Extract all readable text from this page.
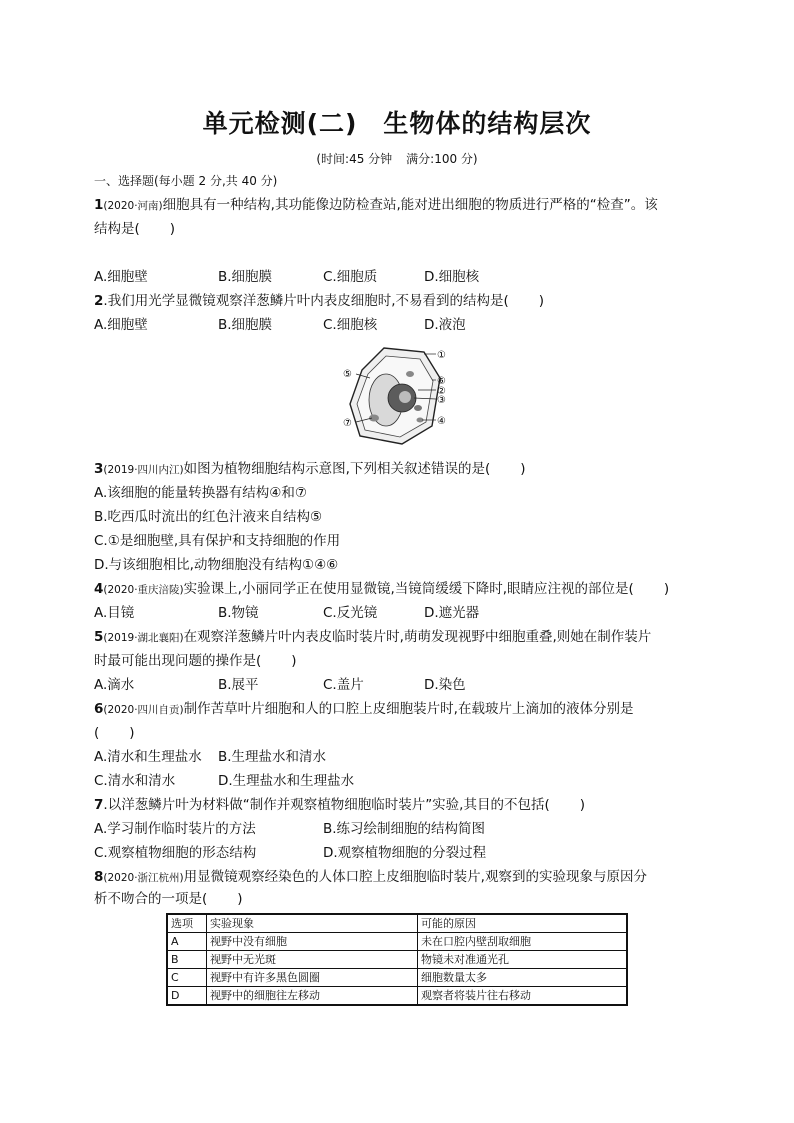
单元检测(二) 生物体的结构层次
(时间:45 分钟 满分:100 分)
一、选择题(每小题 2 分,共 40 分)
1(2020·河南)细胞具有一种结构,其功能像边防检查站,能对进出细胞的物质进行严格的“检查”。该
结构是( )
A.细胞壁	B.细胞膜	C.细胞质	D.细胞核
2.我们用光学显微镜观察洋葱鳞片叶内表皮细胞时,不易看到的结构是( )
A.细胞壁	B.细胞膜	C.细胞核	D.液泡
①
⑥
②
③
④
⑤
⑦
3(2019·四川内江)如图为植物细胞结构示意图,下列相关叙述错误的是( )
A.该细胞的能量转换器有结构④和⑦
B.吃西瓜时流出的红色汁液来自结构⑤
C.①是细胞壁,具有保护和支持细胞的作用
D.与该细胞相比,动物细胞没有结构①④⑥
4(2020·重庆涪陵)实验课上,小丽同学正在使用显微镜,当镜筒缓缓下降时,眼睛应注视的部位是( )
A.目镜	B.物镜	C.反光镜	D.遮光器
5(2019·湖北襄阳)在观察洋葱鳞片叶内表皮临时装片时,萌萌发现视野中细胞重叠,则她在制作装片
时最可能出现问题的操作是( )
A.滴水	B.展平	C.盖片	D.染色
6(2020·四川自贡)制作苦草叶片细胞和人的口腔上皮细胞装片时,在载玻片上滴加的液体分别是
( )
A.清水和生理盐水 B.生理盐水和清水
C.清水和清水	D.生理盐水和生理盐水
7.以洋葱鳞片叶为材料做“制作并观察植物细胞临时装片”实验,其目的不包括( )
A.学习制作临时装片的方法	B.练习绘制细胞的结构简图
C.观察植物细胞的形态结构	D.观察植物细胞的分裂过程
8(2020·浙江杭州)用显微镜观察经染色的人体口腔上皮细胞临时装片,观察到的实验现象与原因分
析不吻合的一项是( )
选项	实验现象	可能的原因
A	视野中没有细胞	未在口腔内壁刮取细胞
B	视野中无光斑	物镜未对准通光孔
C	视野中有许多黑色圆圈	细胞数量太多
D	视野中的细胞往左移动	观察者将装片往右移动
